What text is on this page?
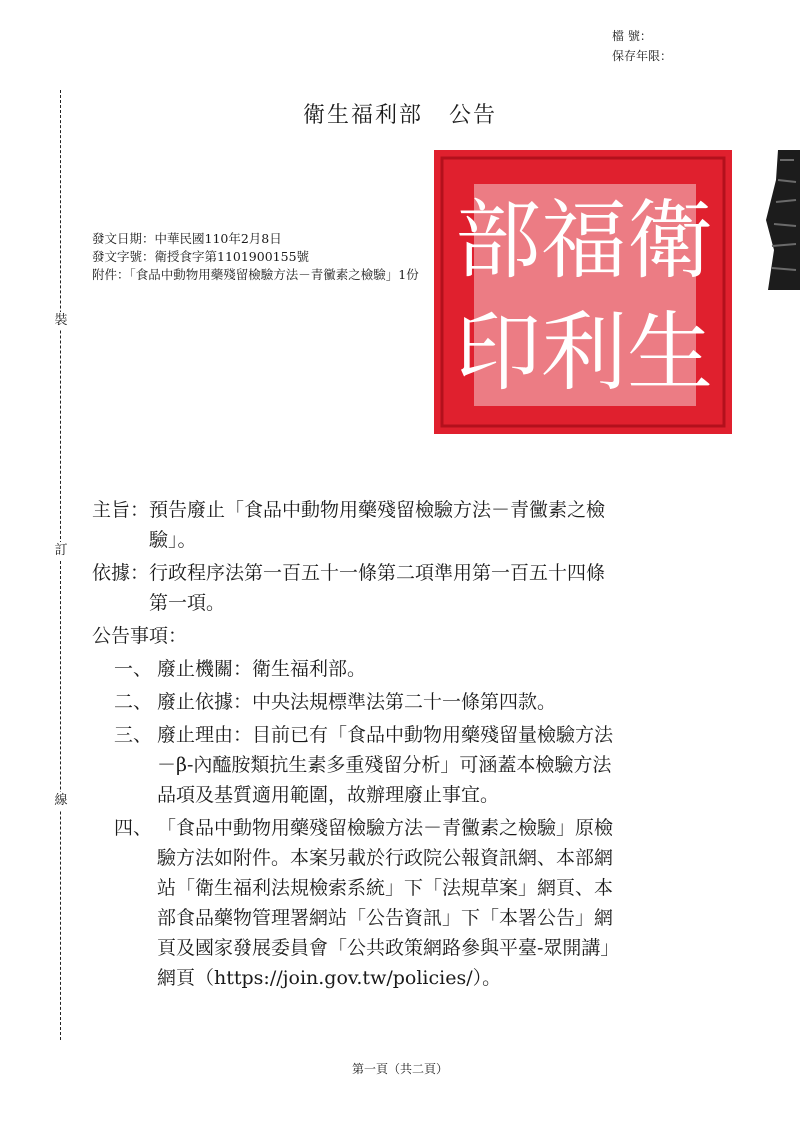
檔 號：
保存年限：
裝
訂
線
衛生福利部 公告
發文日期：中華民國110年2月8日
發文字號：衛授食字第1101900155號
附件：「食品中動物用藥殘留檢驗方法－青黴素之檢驗」1份 衛
生
福
利
部
印
主旨： 預告廢止「食品中動物用藥殘留檢驗方法－青黴素之檢
驗」。
依據： 行政程序法第一百五十一條第二項準用第一百五十四條
第一項。
公告事項：
一、 廢止機關：衛生福利部。
二、 廢止依據：中央法規標準法第二十一條第四款。
三、 廢止理由：目前已有「食品中動物用藥殘留量檢驗方法
－β-內醯胺類抗生素多重殘留分析」可涵蓋本檢驗方法
品項及基質適用範圍，故辦理廢止事宜。
四、 「食品中動物用藥殘留檢驗方法－青黴素之檢驗」原檢
驗方法如附件。本案另載於行政院公報資訊網、本部網
站「衛生福利法規檢索系統」下「法規草案」網頁、本
部食品藥物管理署網站「公告資訊」下「本署公告」網
頁及國家發展委員會「公共政策網路參與平臺-眾開講」
網頁（https://join.gov.tw/policies/）。
第一頁（共二頁）
